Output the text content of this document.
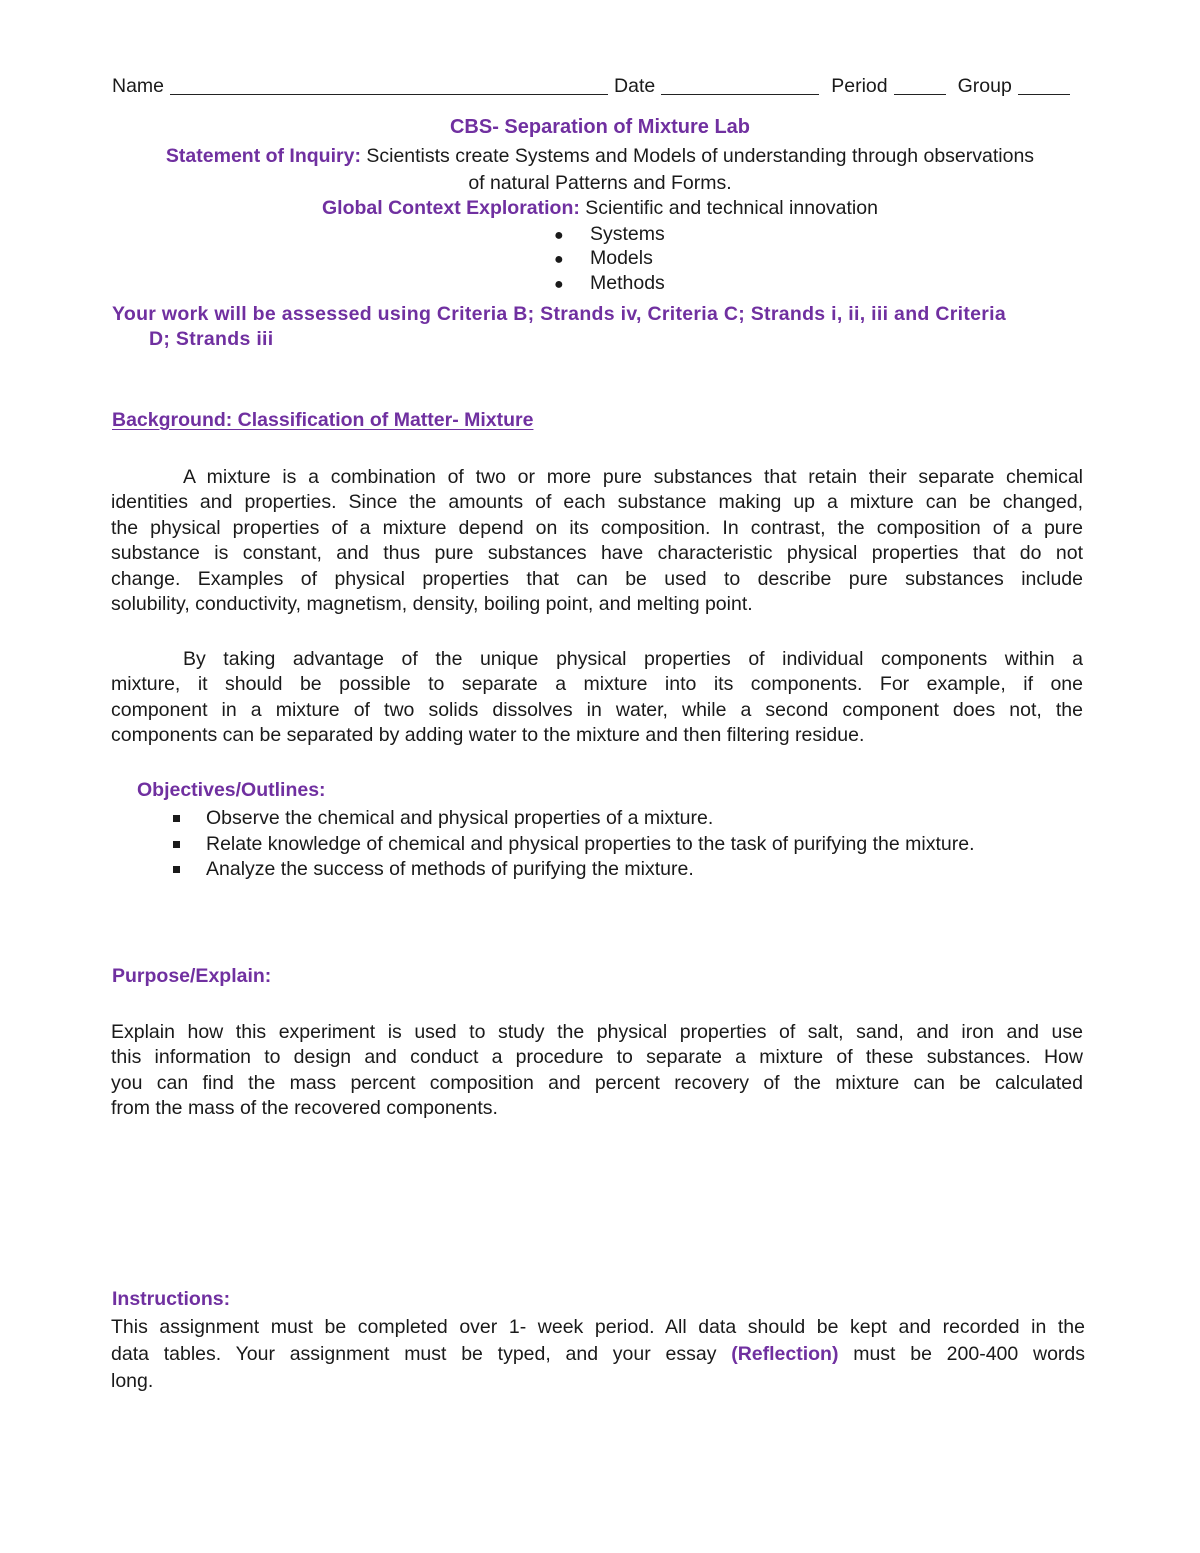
Name	Date	Period	Group
CBS- Separation of Mixture Lab
Statement of Inquiry: Scientists create Systems and Models of understanding through observations
of natural Patterns and Forms.
Global Context Exploration: Scientific and technical innovation
● Systems
● Models
● Methods
Your work will be assessed using Criteria B; Strands iv, Criteria C; Strands i, ii, iii and Criteria
D; Strands iii
Background: Classification of Matter- Mixture
A mixture is a combination of two or more pure substances that retain their separate chemical
identities and properties. Since the amounts of each substance making up a mixture can be changed,
the physical properties of a mixture depend on its composition. In contrast, the composition of a pure
substance is constant, and thus pure substances have characteristic physical properties that do not
change. Examples of physical properties that can be used to describe pure substances include
solubility, conductivity, magnetism, density, boiling point, and melting point.
By taking advantage of the unique physical properties of individual components within a
mixture, it should be possible to separate a mixture into its components. For example, if one
component in a mixture of two solids dissolves in water, while a second component does not, the
components can be separated by adding water to the mixture and then filtering residue.
Objectives/Outlines:
Observe the chemical and physical properties of a mixture.
Relate knowledge of chemical and physical properties to the task of purifying the mixture.
Analyze the success of methods of purifying the mixture.
Purpose/Explain:
Explain how this experiment is used to study the physical properties of salt, sand, and iron and use
this information to design and conduct a procedure to separate a mixture of these substances. How
you can find the mass percent composition and percent recovery of the mixture can be calculated
from the mass of the recovered components.
Instructions:
This assignment must be completed over 1- week period. All data should be kept and recorded in the
data tables. Your assignment must be typed, and your essay (Reflection) must be 200-400 words
long.
